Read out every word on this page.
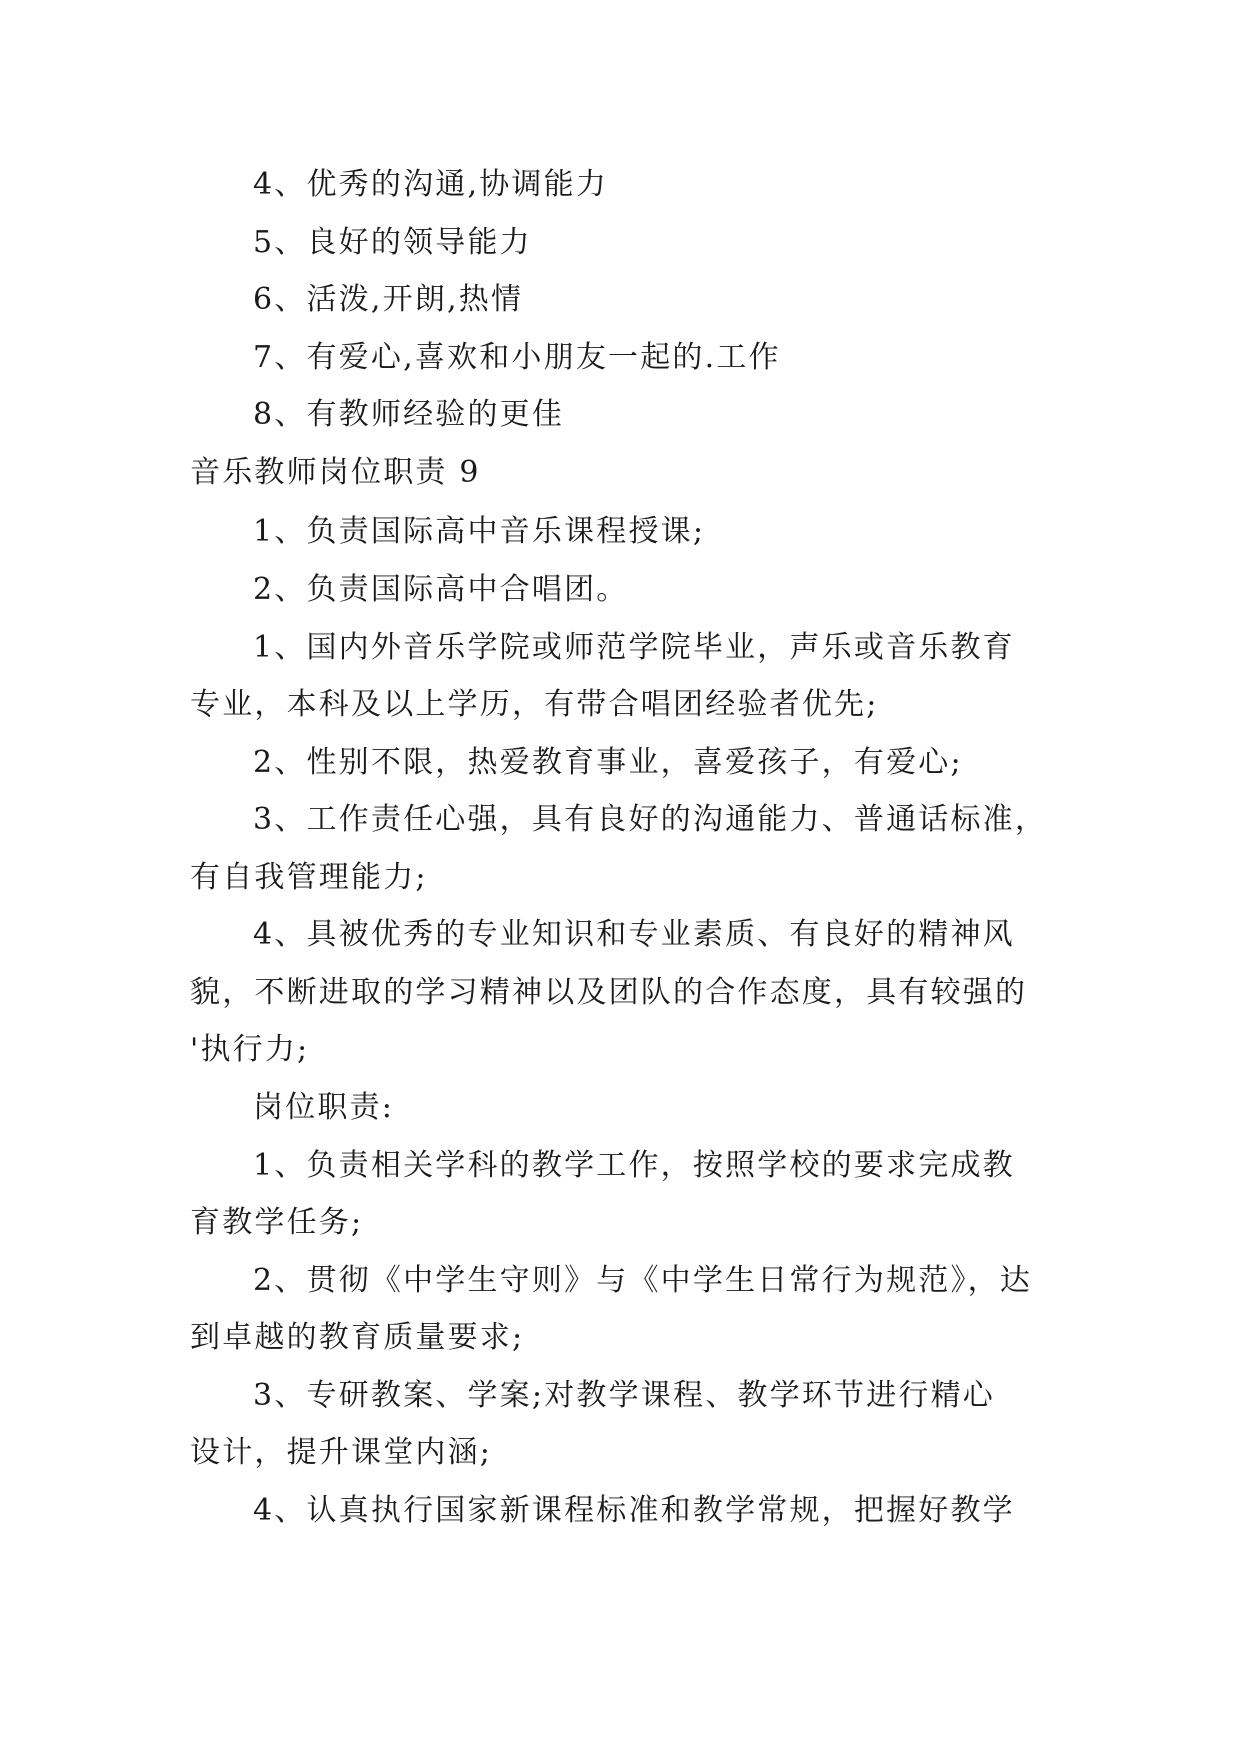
4、优秀的沟通,协调能力
5、良好的领导能力
6、活泼,开朗,热情
7、有爱心,喜欢和小朋友一起的.工作
8、有教师经验的更佳
音乐教师岗位职责 9
1、负责国际高中音乐课程授课;
2、负责国际高中合唱团。
1、国内外音乐学院或师范学院毕业，声乐或音乐教育
专业，本科及以上学历，有带合唱团经验者优先;
2、性别不限，热爱教育事业，喜爱孩子，有爱心;
3、工作责任心强，具有良好的沟通能力、普通话标准，
有自我管理能力;
4、具被优秀的专业知识和专业素质、有良好的精神风
貌，不断进取的学习精神以及团队的合作态度，具有较强的
'执行力;
岗位职责:
1、负责相关学科的教学工作，按照学校的要求完成教
育教学任务;
2、贯彻《中学生守则》与《中学生日常行为规范》，达
到卓越的教育质量要求;
3、专研教案、学案;对教学课程、教学环节进行精心
设计，提升课堂内涵;
4、认真执行国家新课程标准和教学常规，把握好教学
